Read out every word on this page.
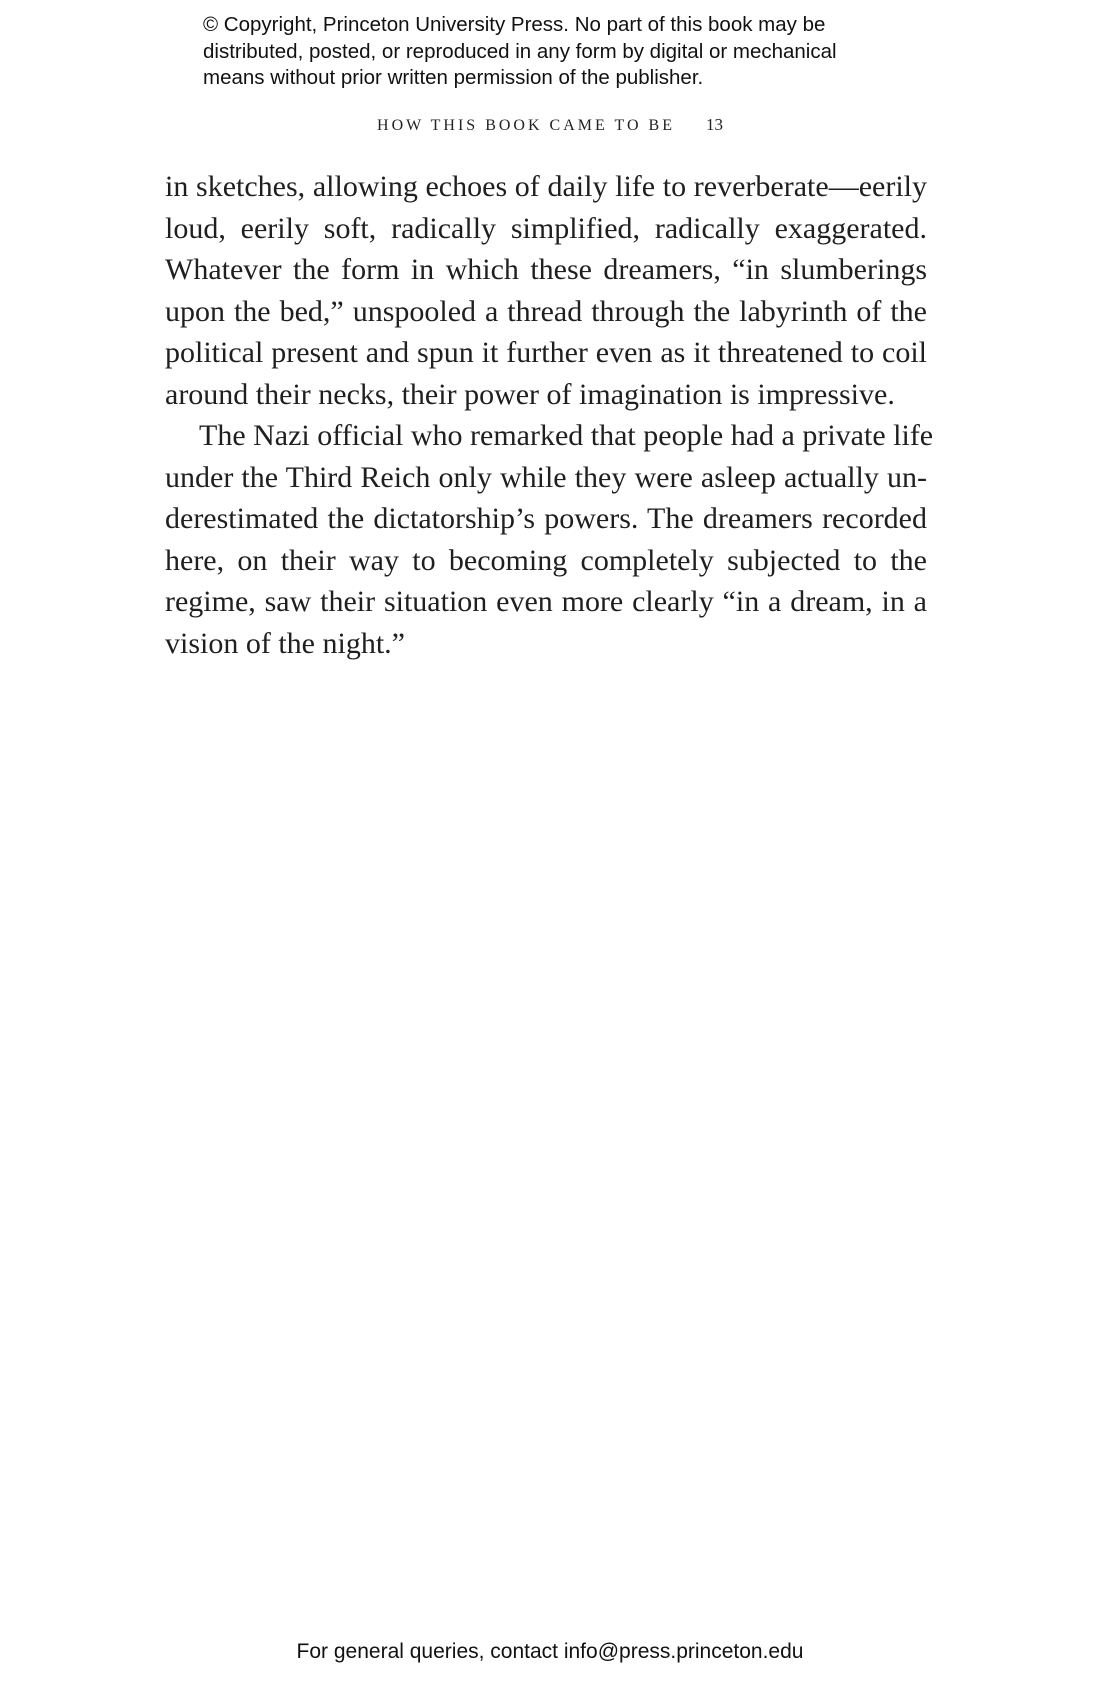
© Copyright, Princeton University Press. No part of this book may be
distributed, posted, or reproduced in any form by digital or mechanical
means without prior written permission of the publisher.
HOW THIS BOOK CAME TO BE 13
in sketches, allowing echoes of daily life to reverberate—eerily
loud, eerily soft, radically simplified, radically exaggerated.
Whatever the form in which these dreamers, “in slumberings
upon the bed,” unspooled a thread through the labyrinth of the
political present and spun it further even as it threatened to coil
around their necks, their power of imagination is impressive.
The Nazi official who remarked that people had a private life
under the Third Reich only while they were asleep actually un-
derestimated the dictatorship’s powers. The dreamers recorded
here, on their way to becoming completely subjected to the
regime, saw their situation even more clearly “in a dream, in a
vision of the night.”
For general queries, contact info@press.princeton.edu
